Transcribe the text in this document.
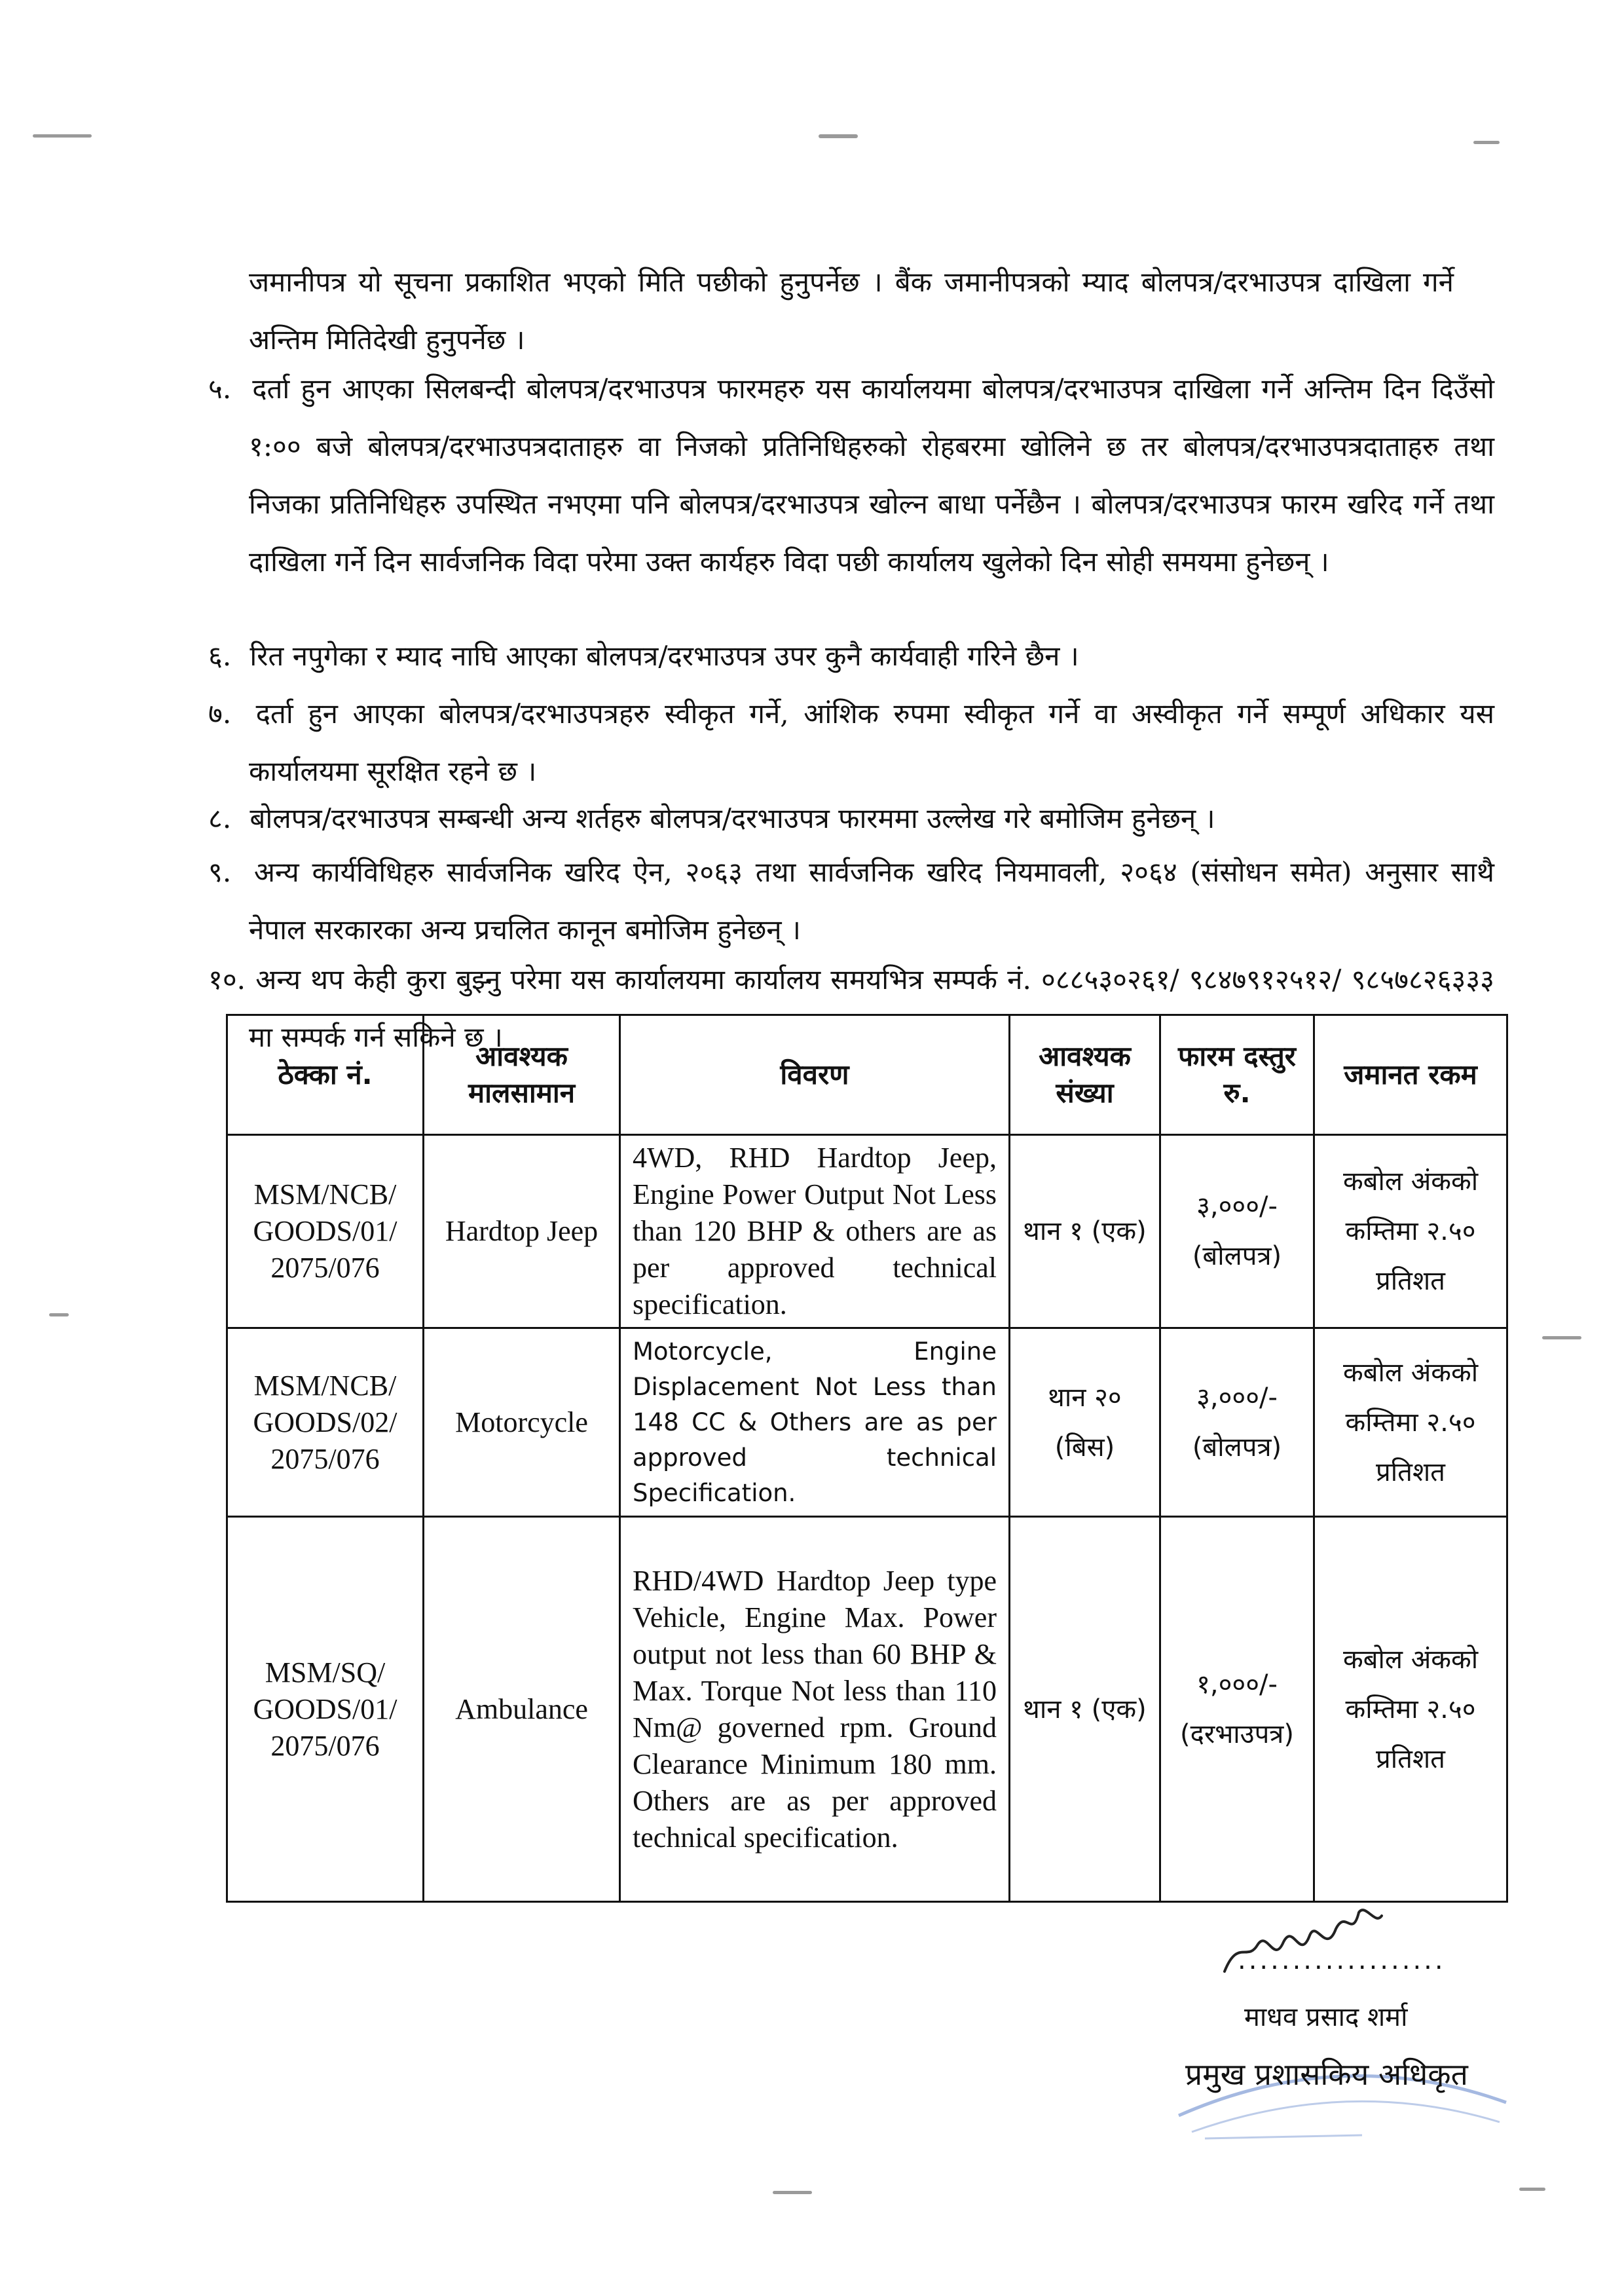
जमानीपत्र यो सूचना प्रकाशित भएको मिति पछीको हुनुपर्नेछ । बैंक जमानीपत्रको म्याद बोलपत्र/दरभाउपत्र दाखिला गर्ने अन्तिम मितिदेखी हुनुपर्नेछ ।

५. दर्ता हुन आएका सिलबन्दी बोलपत्र/दरभाउपत्र फारमहरु यस कार्यालयमा बोलपत्र/दरभाउपत्र दाखिला गर्ने अन्तिम दिन दिउँसो १:०० बजे बोलपत्र/दरभाउपत्रदाताहरु वा निजको प्रतिनिधिहरुको रोहबरमा खोलिने छ तर बोलपत्र/दरभाउपत्रदाताहरु तथा निजका प्रतिनिधिहरु उपस्थित नभएमा पनि बोलपत्र/दरभाउपत्र खोल्न बाधा पर्नेछैन । बोलपत्र/दरभाउपत्र फारम खरिद गर्ने तथा दाखिला गर्ने दिन सार्वजनिक विदा परेमा उक्त कार्यहरु विदा पछी कार्यालय खुलेको दिन सोही समयमा हुनेछन् ।

६. रित नपुगेका र म्याद नाघि आएका बोलपत्र/दरभाउपत्र उपर कुनै कार्यवाही गरिने छैन ।

७. दर्ता हुन आएका बोलपत्र/दरभाउपत्रहरु स्वीकृत गर्ने, आंशिक रुपमा स्वीकृत गर्ने वा अस्वीकृत गर्ने सम्पूर्ण अधिकार यस कार्यालयमा सूरक्षित रहने छ ।

८. बोलपत्र/दरभाउपत्र सम्बन्धी अन्य शर्तहरु बोलपत्र/दरभाउपत्र फारममा उल्लेख गरे बमोजिम हुनेछन् ।

९. अन्य कार्यविधिहरु सार्वजनिक खरिद ऐन, २०६३ तथा सार्वजनिक खरिद नियमावली, २०६४ (संसोधन समेत) अनुसार साथै नेपाल सरकारका अन्य प्रचलित कानून बमोजिम हुनेछन् ।

१०. अन्य थप केही कुरा बुझ्नु परेमा यस कार्यालयमा कार्यालय समयभित्र सम्पर्क नं. ०८८५३०२६१/ ९८४७९१२५१२/ ९८५७८२६३३३ मा सम्पर्क गर्न सकिने छ ।

ठेक्का नं.	आवश्यक मालसामान	विवरण	आवश्यक संख्या	फारम दस्तुर रु.	जमानत रकम
MSM/NCB/ GOODS/01/ 2075/076	Hardtop Jeep	4WD, RHD Hardtop Jeep, Engine Power Output Not Less than 120 BHP & others are as per approved technical specification.	थान १ (एक)	३,०००/- (बोलपत्र)	कबोल अंकको कम्तिमा २.५० प्रतिशत
MSM/NCB/ GOODS/02/ 2075/076	Motorcycle	Motorcycle, Engine Displacement Not Less than 148 CC & Others are as per approved technical Specification.	थान २० (बिस)	३,०००/- (बोलपत्र)	कबोल अंकको कम्तिमा २.५० प्रतिशत
MSM/SQ/ GOODS/01/ 2075/076	Ambulance	RHD/4WD Hardtop Jeep type Vehicle, Engine Max. Power output not less than 60 BHP & Max. Torque Not less than 110 Nm@ governed rpm. Ground Clearance Minimum 180 mm. Others are as per approved technical specification.	थान १ (एक)	१,०००/- (दरभाउपत्र)	कबोल अंकको कम्तिमा २.५० प्रतिशत
...................
माधव प्रसाद शर्मा
प्रमुख प्रशासकिय अधिकृत
